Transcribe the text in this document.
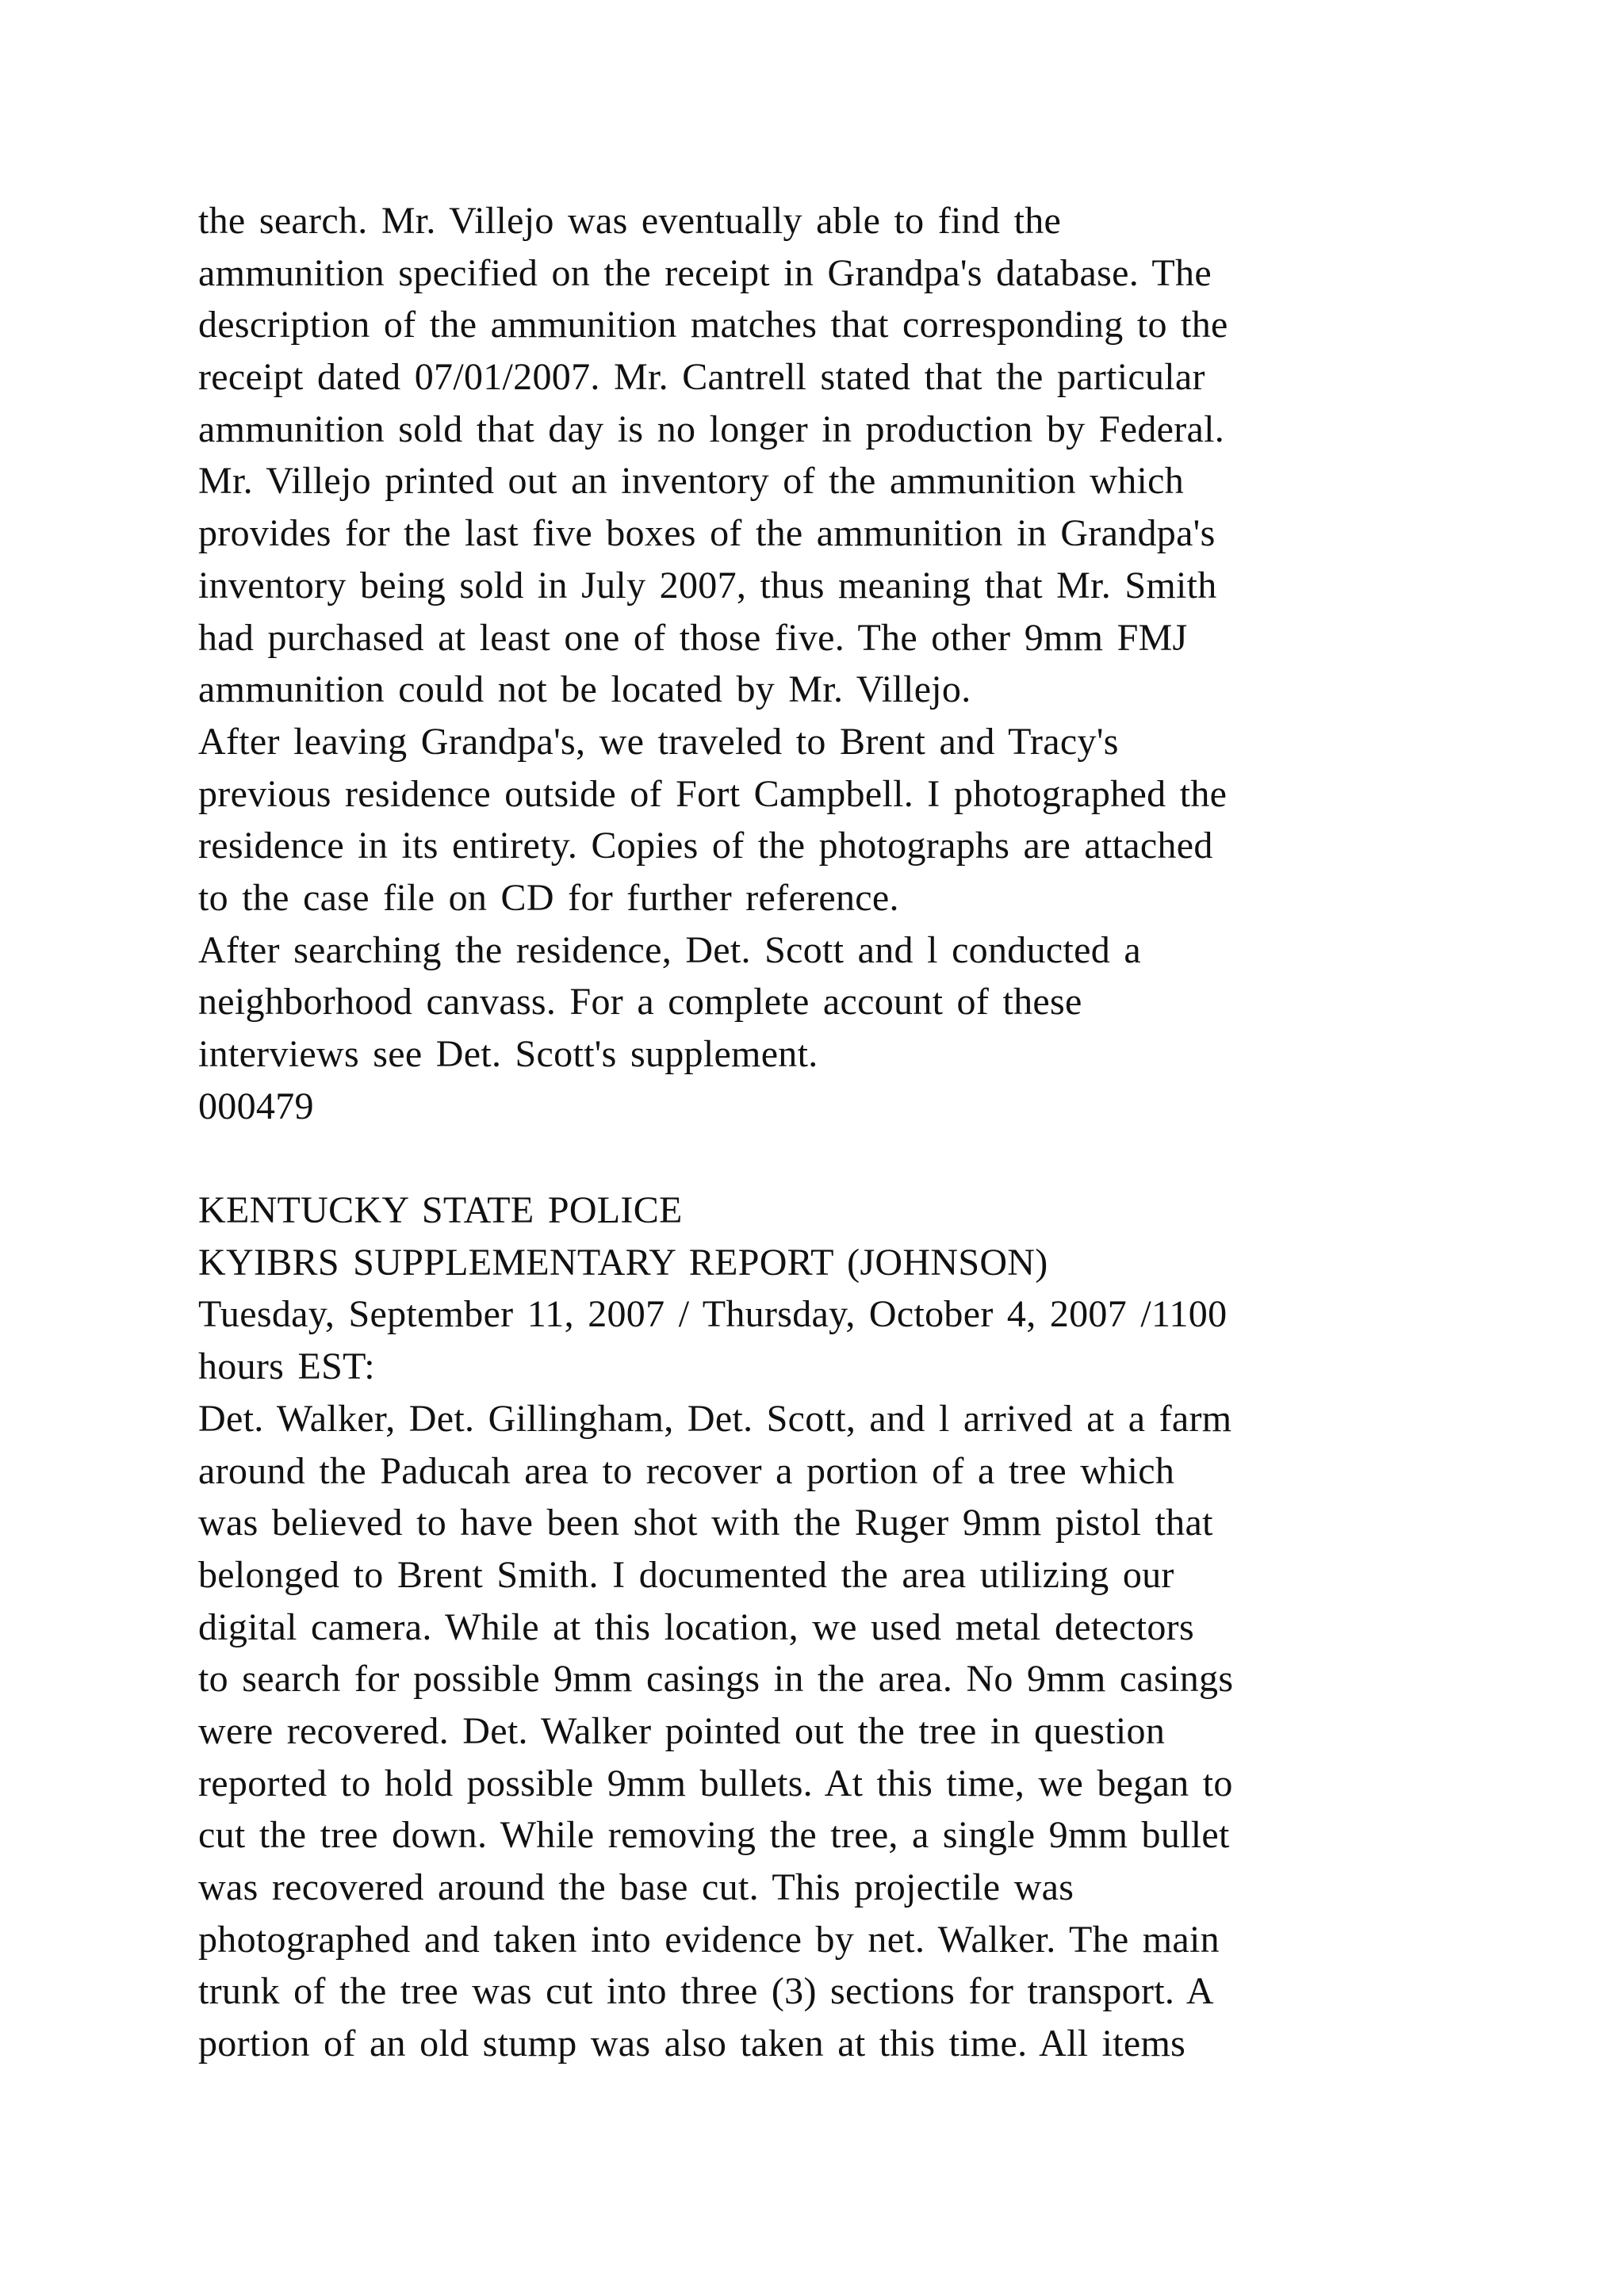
the search. Mr. Villejo was eventually able to find the
ammunition specified on the receipt in Grandpa's database. The
description of the ammunition matches that corresponding to the
receipt dated 07/01/2007. Mr. Cantrell stated that the particular
ammunition sold that day is no longer in production by Federal.
Mr. Villejo printed out an inventory of the ammunition which
provides for the last five boxes of the ammunition in Grandpa's
inventory being sold in July 2007, thus meaning that Mr. Smith
had purchased at least one of those five. The other 9mm FMJ
ammunition could not be located by Mr. Villejo.
After leaving Grandpa's, we traveled to Brent and Tracy's
previous residence outside of Fort Campbell. I photographed the
residence in its entirety. Copies of the photographs are attached
to the case file on CD for further reference.
After searching the residence, Det. Scott and l conducted a
neighborhood canvass. For a complete account of these
interviews see Det. Scott's supplement.
000479
KENTUCKY STATE POLICE
KYIBRS SUPPLEMENTARY REPORT (JOHNSON)
Tuesday, September 11, 2007 / Thursday, October 4, 2007 /1100
hours EST:
Det. Walker, Det. Gillingham, Det. Scott, and l arrived at a farm
around the Paducah area to recover a portion of a tree which
was believed to have been shot with the Ruger 9mm pistol that
belonged to Brent Smith. I documented the area utilizing our
digital camera. While at this location, we used metal detectors
to search for possible 9mm casings in the area. No 9mm casings
were recovered. Det. Walker pointed out the tree in question
reported to hold possible 9mm bullets. At this time, we began to
cut the tree down. While removing the tree, a single 9mm bullet
was recovered around the base cut. This projectile was
photographed and taken into evidence by net. Walker. The main
trunk of the tree was cut into three (3) sections for transport. A
portion of an old stump was also taken at this time. All items
